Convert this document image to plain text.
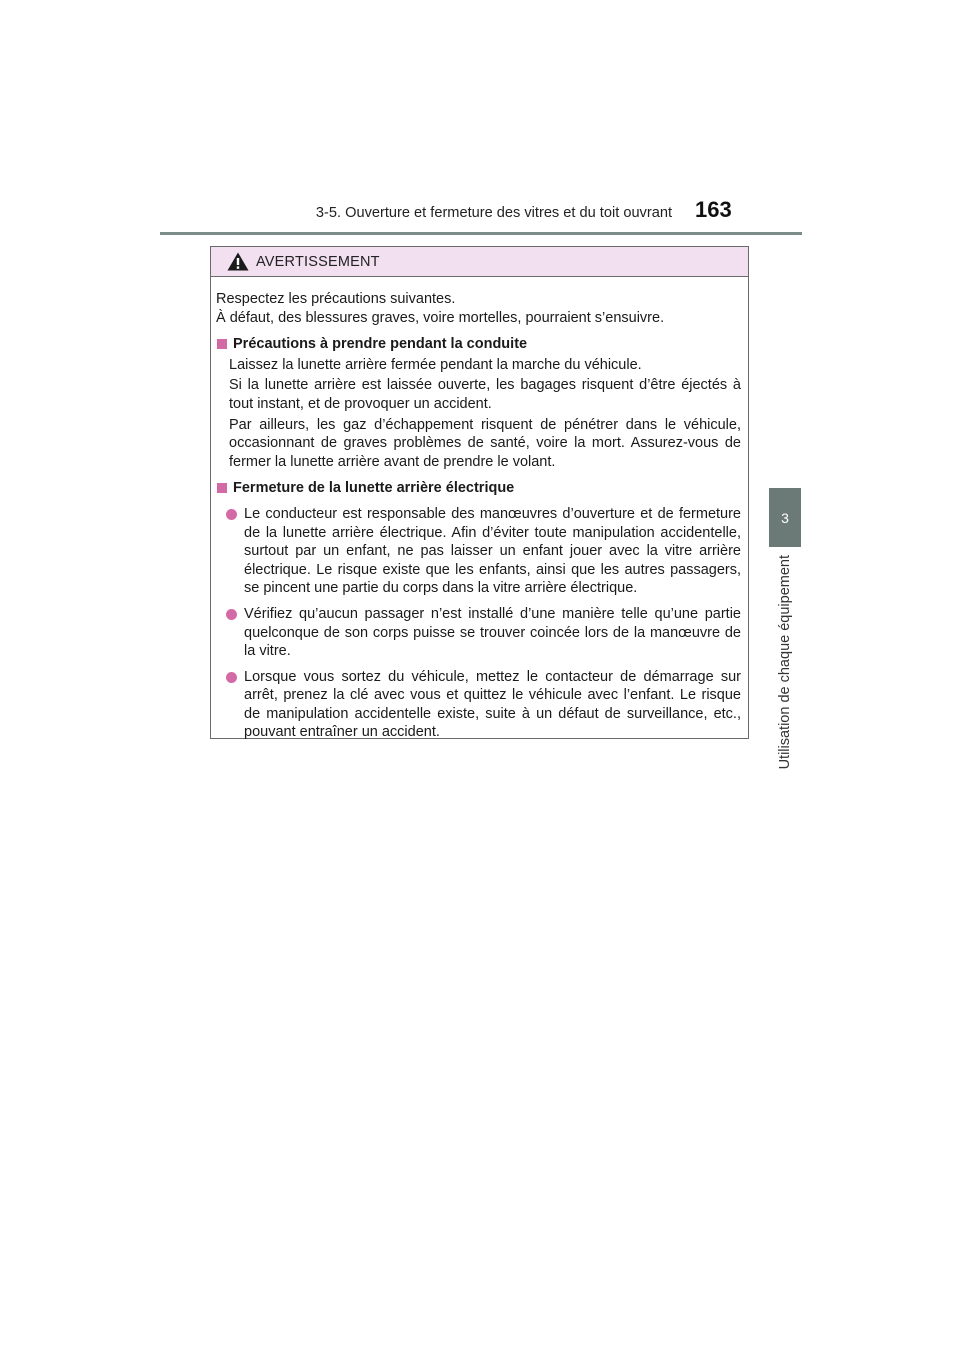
3-5. Ouverture et fermeture des vitres et du toit ouvrant 163
3
Utilisation de chaque équipement
AVERTISSEMENT

Respectez les précautions suivantes.

À défaut, des blessures graves, voire mortelles, pourraient s’ensuivre.

Précautions à prendre pendant la conduite

Laissez la lunette arrière fermée pendant la marche du véhicule.

Si la lunette arrière est laissée ouverte, les bagages risquent d’être éjectés à tout instant, et de provoquer un accident.

Par ailleurs, les gaz d’échappement risquent de pénétrer dans le véhicule, occasionnant de graves problèmes de santé, voire la mort. Assurez-vous de fermer la lunette arrière avant de prendre le volant.

Fermeture de la lunette arrière électrique
Le conducteur est responsable des manœuvres d’ouverture et de fermeture de la lunette arrière électrique. Afin d’éviter toute manipulation accidentelle, surtout par un enfant, ne pas laisser un enfant jouer avec la vitre arrière électrique. Le risque existe que les enfants, ainsi que les autres passagers, se pincent une partie du corps dans la vitre arrière électrique.
Vérifiez qu’aucun passager n’est installé d’une manière telle qu’une partie quelconque de son corps puisse se trouver coincée lors de la manœuvre de la vitre.
Lorsque vous sortez du véhicule, mettez le contacteur de démarrage sur arrêt, prenez la clé avec vous et quittez le véhicule avec l’enfant. Le risque de manipulation accidentelle existe, suite à un défaut de surveillance, etc., pouvant entraîner un accident.
